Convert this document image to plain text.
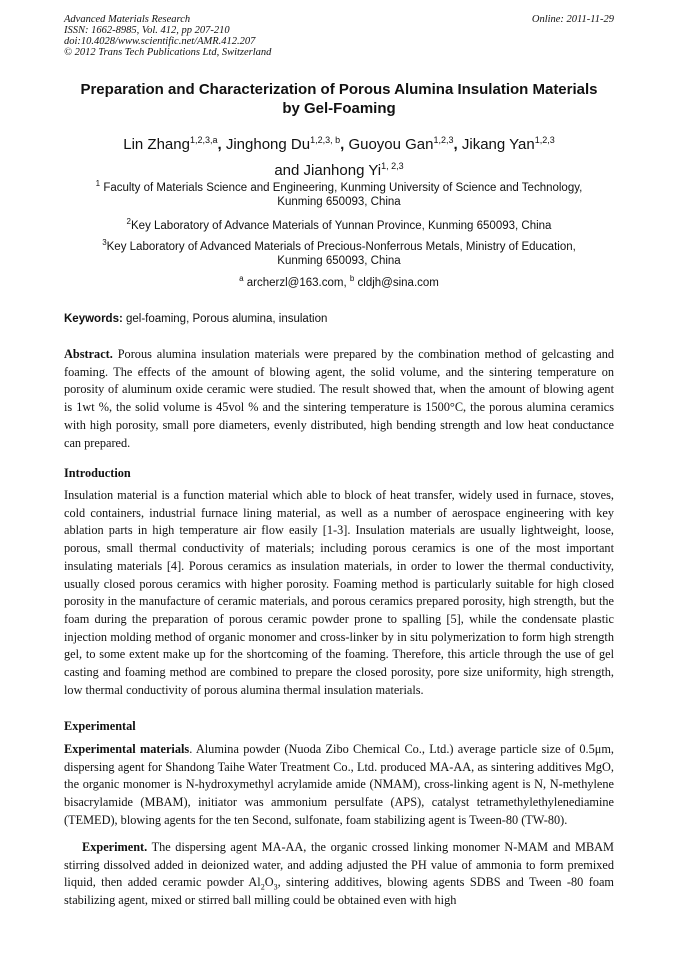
Advanced Materials Research
ISSN: 1662-8985, Vol. 412, pp 207-210
doi:10.4028/www.scientific.net/AMR.412.207
© 2012 Trans Tech Publications Ltd, Switzerland
Online: 2011-11-29
Preparation and Characterization of Porous Alumina Insulation Materials
by Gel-Foaming
Lin Zhang$^{1,2,3,a}$, Jinghong Du$^{1,2,3, b}$, Guoyou Gan$^{1,2,3}$, Jikang Yan$^{1,2,3}$
and Jianhong Yi$^{1, 2,3}$
$^1$ Faculty of Materials Science and Engineering, Kunming University of Science and Technology,
Kunming 650093, China
$^2$Key Laboratory of Advance Materials of Yunnan Province, Kunming 650093, China
$^3$Key Laboratory of Advanced Materials of Precious-Nonferrous Metals, Ministry of Education,
Kunming 650093, China
$^a$ archerzl@163.com, $^b$ cldjh@sina.com
Keywords: gel-foaming, Porous alumina, insulation
Abstract. Porous alumina insulation materials were prepared by the combination method of gelcasting and foaming. The effects of the amount of blowing agent, the solid volume, and the sintering temperature on porosity of aluminum oxide ceramic were studied. The result showed that, when the amount of blowing agent is 1wt %, the solid volume is 45vol % and the sintering temperature is 1500°C, the porous alumina ceramics with high porosity, small pore diameters, evenly distributed, high bending strength and low heat conductance can prepared.
Introduction
Insulation material is a function material which able to block of heat transfer, widely used in furnace, stoves, cold containers, industrial furnace lining material, as well as a number of aerospace engineering with key ablation parts in high temperature air flow easily [1-3]. Insulation materials are usually lightweight, loose, porous, small thermal conductivity of materials; including porous ceramics is one of the most important insulating materials [4]. Porous ceramics as insulation materials, in order to lower the thermal conductivity, usually closed porous ceramics with higher porosity. Foaming method is particularly suitable for high closed porosity in the manufacture of ceramic materials, and porous ceramics prepared porosity, high strength, but the foam during the preparation of porous ceramic powder prone to spalling [5], while the condensate plastic injection molding method of organic monomer and cross-linker by in situ polymerization to form high strength gel, to some extent make up for the shortcoming of the foaming. Therefore, this article through the use of gel casting and foaming method are combined to prepare the closed porosity, pore size uniformity, high strength, low thermal conductivity of porous alumina thermal insulation materials.
Experimental
Experimental materials. Alumina powder (Nuoda Zibo Chemical Co., Ltd.) average particle size of 0.5μm, dispersing agent for Shandong Taihe Water Treatment Co., Ltd. produced MA-AA, as sintering additives MgO, the organic monomer is N-hydroxymethyl acrylamide amide (NMAM), cross-linking agent is N, N-methylene bisacrylamide (MBAM), initiator was ammonium persulfate (APS), catalyst tetramethylethylenediamine (TEMED), blowing agents for the ten Second, sulfonate, foam stabilizing agent is Tween-80 (TW-80).
Experiment. The dispersing agent MA-AA, the organic crossed linking monomer N-MAM and MBAM stirring dissolved added in deionized water, and adding adjusted the PH value of ammonia to form premixed liquid, then added ceramic powder $Al_2O_3$, sintering additives, blowing agents SDBS and Tween -80 foam stabilizing agent, mixed or stirred ball milling could be obtained even with high
